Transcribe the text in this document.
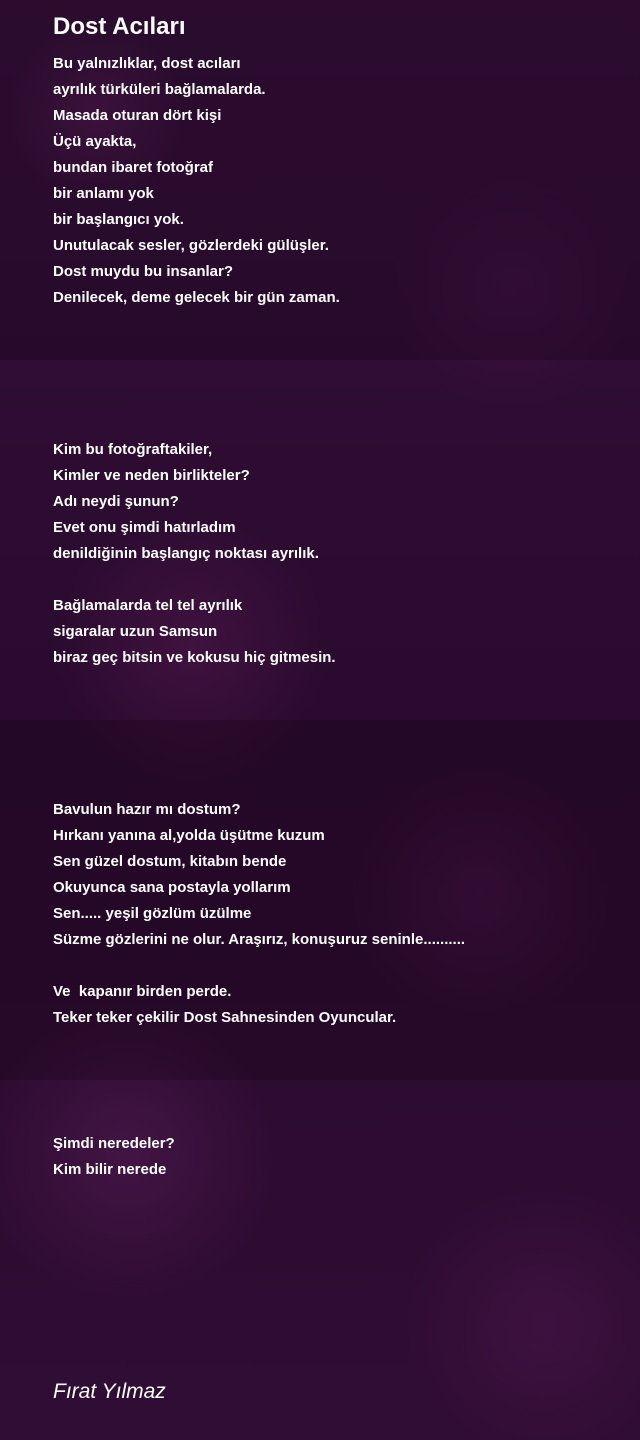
Dost Acıları
Bu yalnızlıklar, dost acıları
ayrılık türküleri bağlamalarda.
Masada oturan dört kişi
Üçü ayakta,
bundan ibaret fotoğraf
bir anlamı yok
bir başlangıcı yok.
Unutulacak sesler, gözlerdeki gülüşler.
Dost muydu bu insanlar?
Denilecek, deme gelecek bir gün zaman.
Kim bu fotoğraftakiler,
Kimler ve neden birlikteler?
Adı neydi şunun?
Evet onu şimdi hatırladım
denildiğinin başlangıç noktası ayrılık.
Bağlamalarda tel tel ayrılık
sigaralar uzun Samsun
biraz geç bitsin ve kokusu hiç gitmesin.
Bavulun hazır mı dostum?
Hırkanı yanına al,yolda üşütme kuzum
Sen güzel dostum, kitabın bende
Okuyunca sana postayla yollarım
Sen..... yeşil gözlüm üzülme
Süzme gözlerini ne olur. Araşırız, konuşuruz seninle..........
Ve  kapanır birden perde.
Teker teker çekilir Dost Sahnesinden Oyuncular.
Şimdi neredeler?
Kim bilir nerede

Fırat Yılmaz
